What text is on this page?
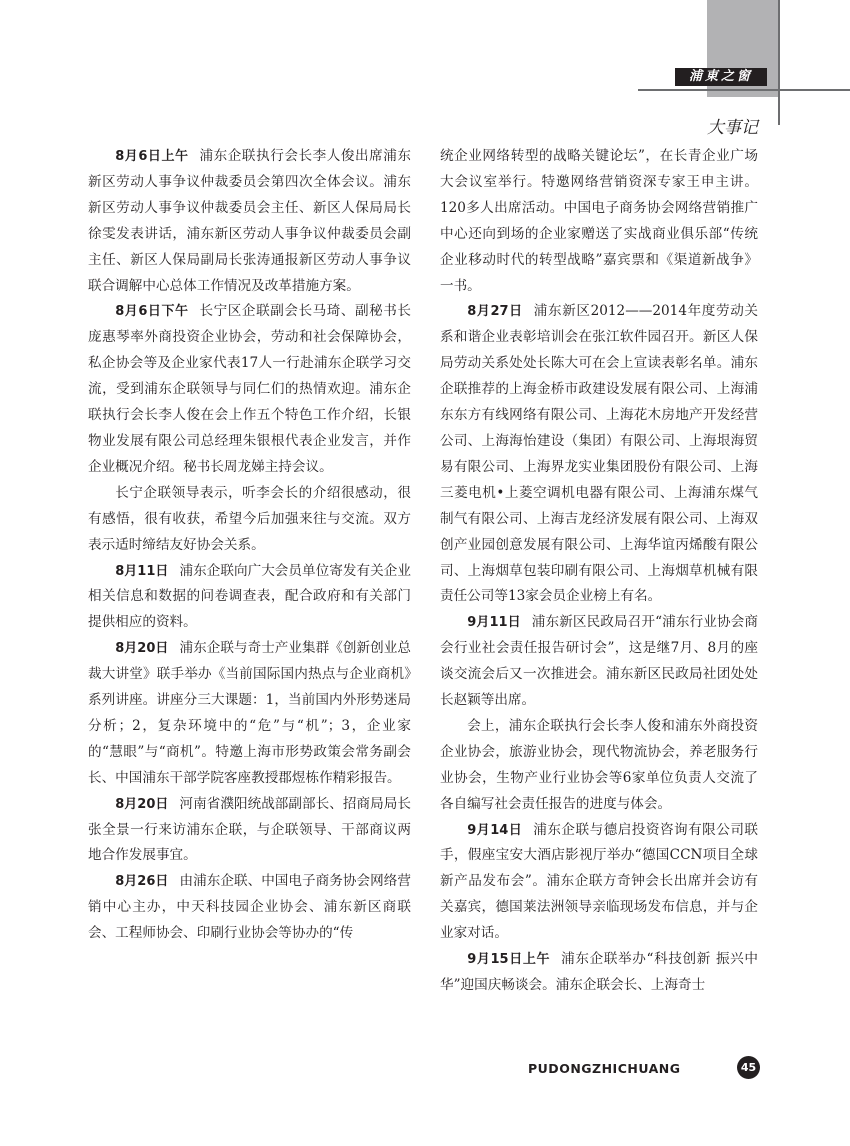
浦東之窗
大事记

8月6日上午 浦东企联执行会长李人俊出席浦东新区劳动人事争议仲裁委员会第四次全体会议。浦东新区劳动人事争议仲裁委员会主任、新区人保局局长徐雯发表讲话，浦东新区劳动人事争议仲裁委员会副主任、新区人保局副局长张涛通报新区劳动人事争议联合调解中心总体工作情况及改革措施方案。

8月6日下午 长宁区企联副会长马琦、副秘书长庞惠琴率外商投资企业协会，劳动和社会保障协会，私企协会等及企业家代表17人一行赴浦东企联学习交流，受到浦东企联领导与同仁们的热情欢迎。浦东企联执行会长李人俊在会上作五个特色工作介绍，长银物业发展有限公司总经理朱银根代表企业发言，并作企业概况介绍。秘书长周龙娣主持会议。

长宁企联领导表示，听李会长的介绍很感动，很有感悟，很有收获，希望今后加强来往与交流。双方表示适时缔结友好协会关系。

8月11日 浦东企联向广大会员单位寄发有关企业相关信息和数据的问卷调查表，配合政府和有关部门提供相应的资料。

8月20日 浦东企联与奇士产业集群《创新创业总裁大讲堂》联手举办《当前国际国内热点与企业商机》系列讲座。讲座分三大课题：1，当前国内外形势迷局分析；2，复杂环境中的“危”与“机”；3，企业家的“慧眼”与“商机”。特邀上海市形势政策会常务副会长、中国浦东干部学院客座教授郡煜栋作精彩报告。

8月20日 河南省濮阳统战部副部长、招商局局长张全景一行来访浦东企联，与企联领导、干部商议两地合作发展事宜。

8月26日 由浦东企联、中国电子商务协会网络营销中心主办，中天科技园企业协会、浦东新区商联会、工程师协会、印刷行业协会等协办的“传

统企业网络转型的战略关键论坛”，在长青企业广场大会议室举行。特邀网络营销资深专家王申主讲。120多人出席活动。中国电子商务协会网络营销推广中心还向到场的企业家赠送了实战商业俱乐部“传统企业移动时代的转型战略”嘉宾票和《渠道新战争》一书。

8月27日 浦东新区2012——2014年度劳动关系和谐企业表彰培训会在张江软件园召开。新区人保局劳动关系处处长陈大可在会上宣读表彰名单。浦东企联推荐的上海金桥市政建设发展有限公司、上海浦东东方有线网络有限公司、上海花木房地产开发经营公司、上海海怡建设（集团）有限公司、上海垠海贸易有限公司、上海界龙实业集团股份有限公司、上海三菱电机•上菱空调机电器有限公司、上海浦东煤气制气有限公司、上海吉龙经济发展有限公司、上海双创产业园创意发展有限公司、上海华谊丙烯酸有限公司、上海烟草包装印刷有限公司、上海烟草机械有限责任公司等13家会员企业榜上有名。

9月11日 浦东新区民政局召开“浦东行业协会商会行业社会责任报告研讨会”，这是继7月、8月的座谈交流会后又一次推进会。浦东新区民政局社团处处长赵颖等出席。

会上，浦东企联执行会长李人俊和浦东外商投资企业协会，旅游业协会，现代物流协会，养老服务行业协会，生物产业行业协会等6家单位负责人交流了各自编写社会责任报告的进度与体会。

9月14日 浦东企联与德启投资咨询有限公司联手，假座宝安大酒店影视厅举办“德国CCN项目全球新产品发布会”。浦东企联方奇钟会长出席并会访有关嘉宾，德国莱法洲领导亲临现场发布信息，并与企业家对话。

9月15日上午 浦东企联举办“科技创新 振兴中华”迎国庆畅谈会。浦东企联会长、上海奇士

PUDONGZHICHUANG	45
